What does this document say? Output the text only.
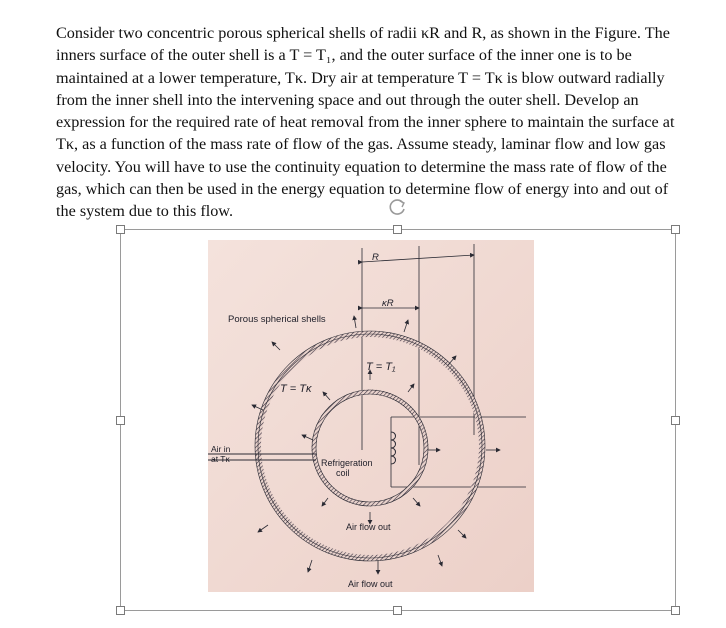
Consider two concentric porous spherical shells of radii κR and R, as shown in the Figure. The
inners surface of the outer shell is a T = T₁, and the outer surface of the inner one is to be
maintained at a lower temperature, Tκ. Dry air at temperature T = Tκ is blow outward radially
from the inner shell into the intervening space and out through the outer shell. Develop an
expression for the required rate of heat removal from the inner sphere to maintain the surface at
Tκ, as a function of the mass rate of flow of the gas. Assume steady, laminar flow and low gas
velocity. You will have to use the continuity equation to determine the mass rate of flow of the
gas, which can then be used in the energy equation to determine flow of energy into and out of
the system due to this flow.
R
κR
Porous spherical shells
T = T₁
T = Tκ
Air in
at Tκ	Refrigeration
coil
Air flow out
Air flow out
